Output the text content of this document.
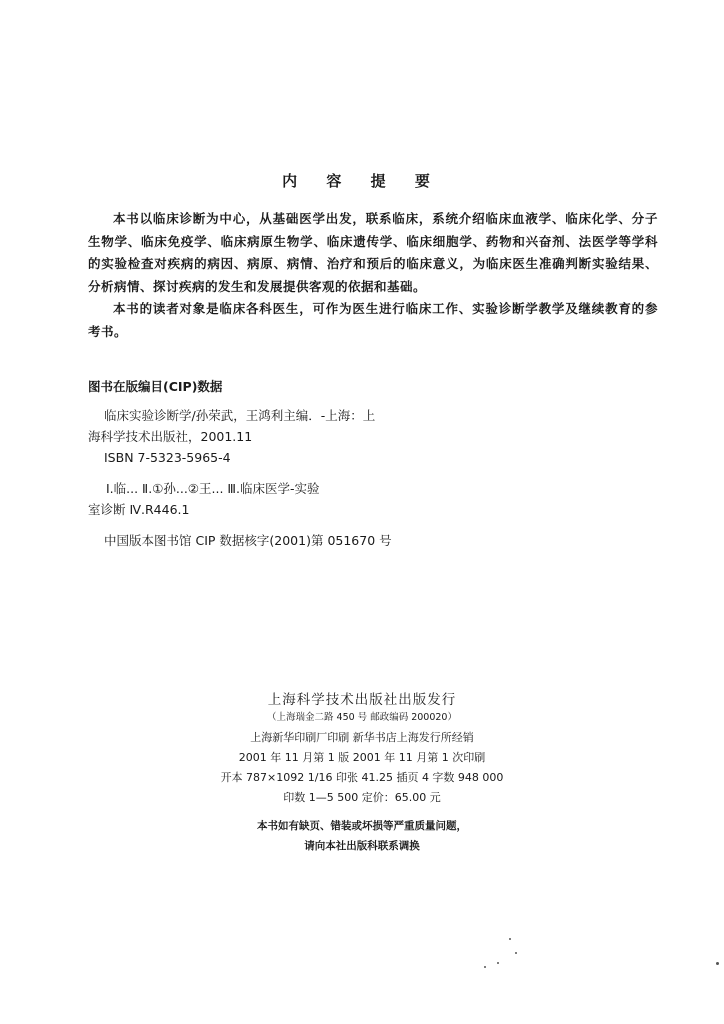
内 容 提 要

本书以临床诊断为中心，从基础医学出发，联系临床，系统介绍临床血液学、临床化学、分子生物学、临床免疫学、临床病原生物学、临床遗传学、临床细胞学、药物和兴奋剂、法医学等学科的实验检查对疾病的病因、病原、病情、治疗和预后的临床意义，为临床医生准确判断实验结果、分析病情、探讨疾病的发生和发展提供客观的依据和基础。

本书的读者对象是临床各科医生，可作为医生进行临床工作、实验诊断学教学及继续教育的参考书。

图书在版编目(CIP)数据
临床实验诊断学/孙荣武，王鸿利主编．-上海：上
海科学技术出版社，2001.11
ISBN 7-5323-5965-4
Ⅰ.临... Ⅱ.①孙...②王... Ⅲ.临床医学-实验
室诊断 Ⅳ.R446.1
中国版本图书馆 CIP 数据核字(2001)第 051670 号
上海科学技术出版社出版发行
（上海瑞金二路 450 号 邮政编码 200020）
上海新华印刷厂印刷 新华书店上海发行所经销
2001 年 11 月第 1 版 2001 年 11 月第 1 次印刷
开本 787×1092 1/16 印张 41.25 插页 4 字数 948 000
印数 1—5 500 定价：65.00 元
本书如有缺页、错装或坏损等严重质量问题，
请向本社出版科联系调换
